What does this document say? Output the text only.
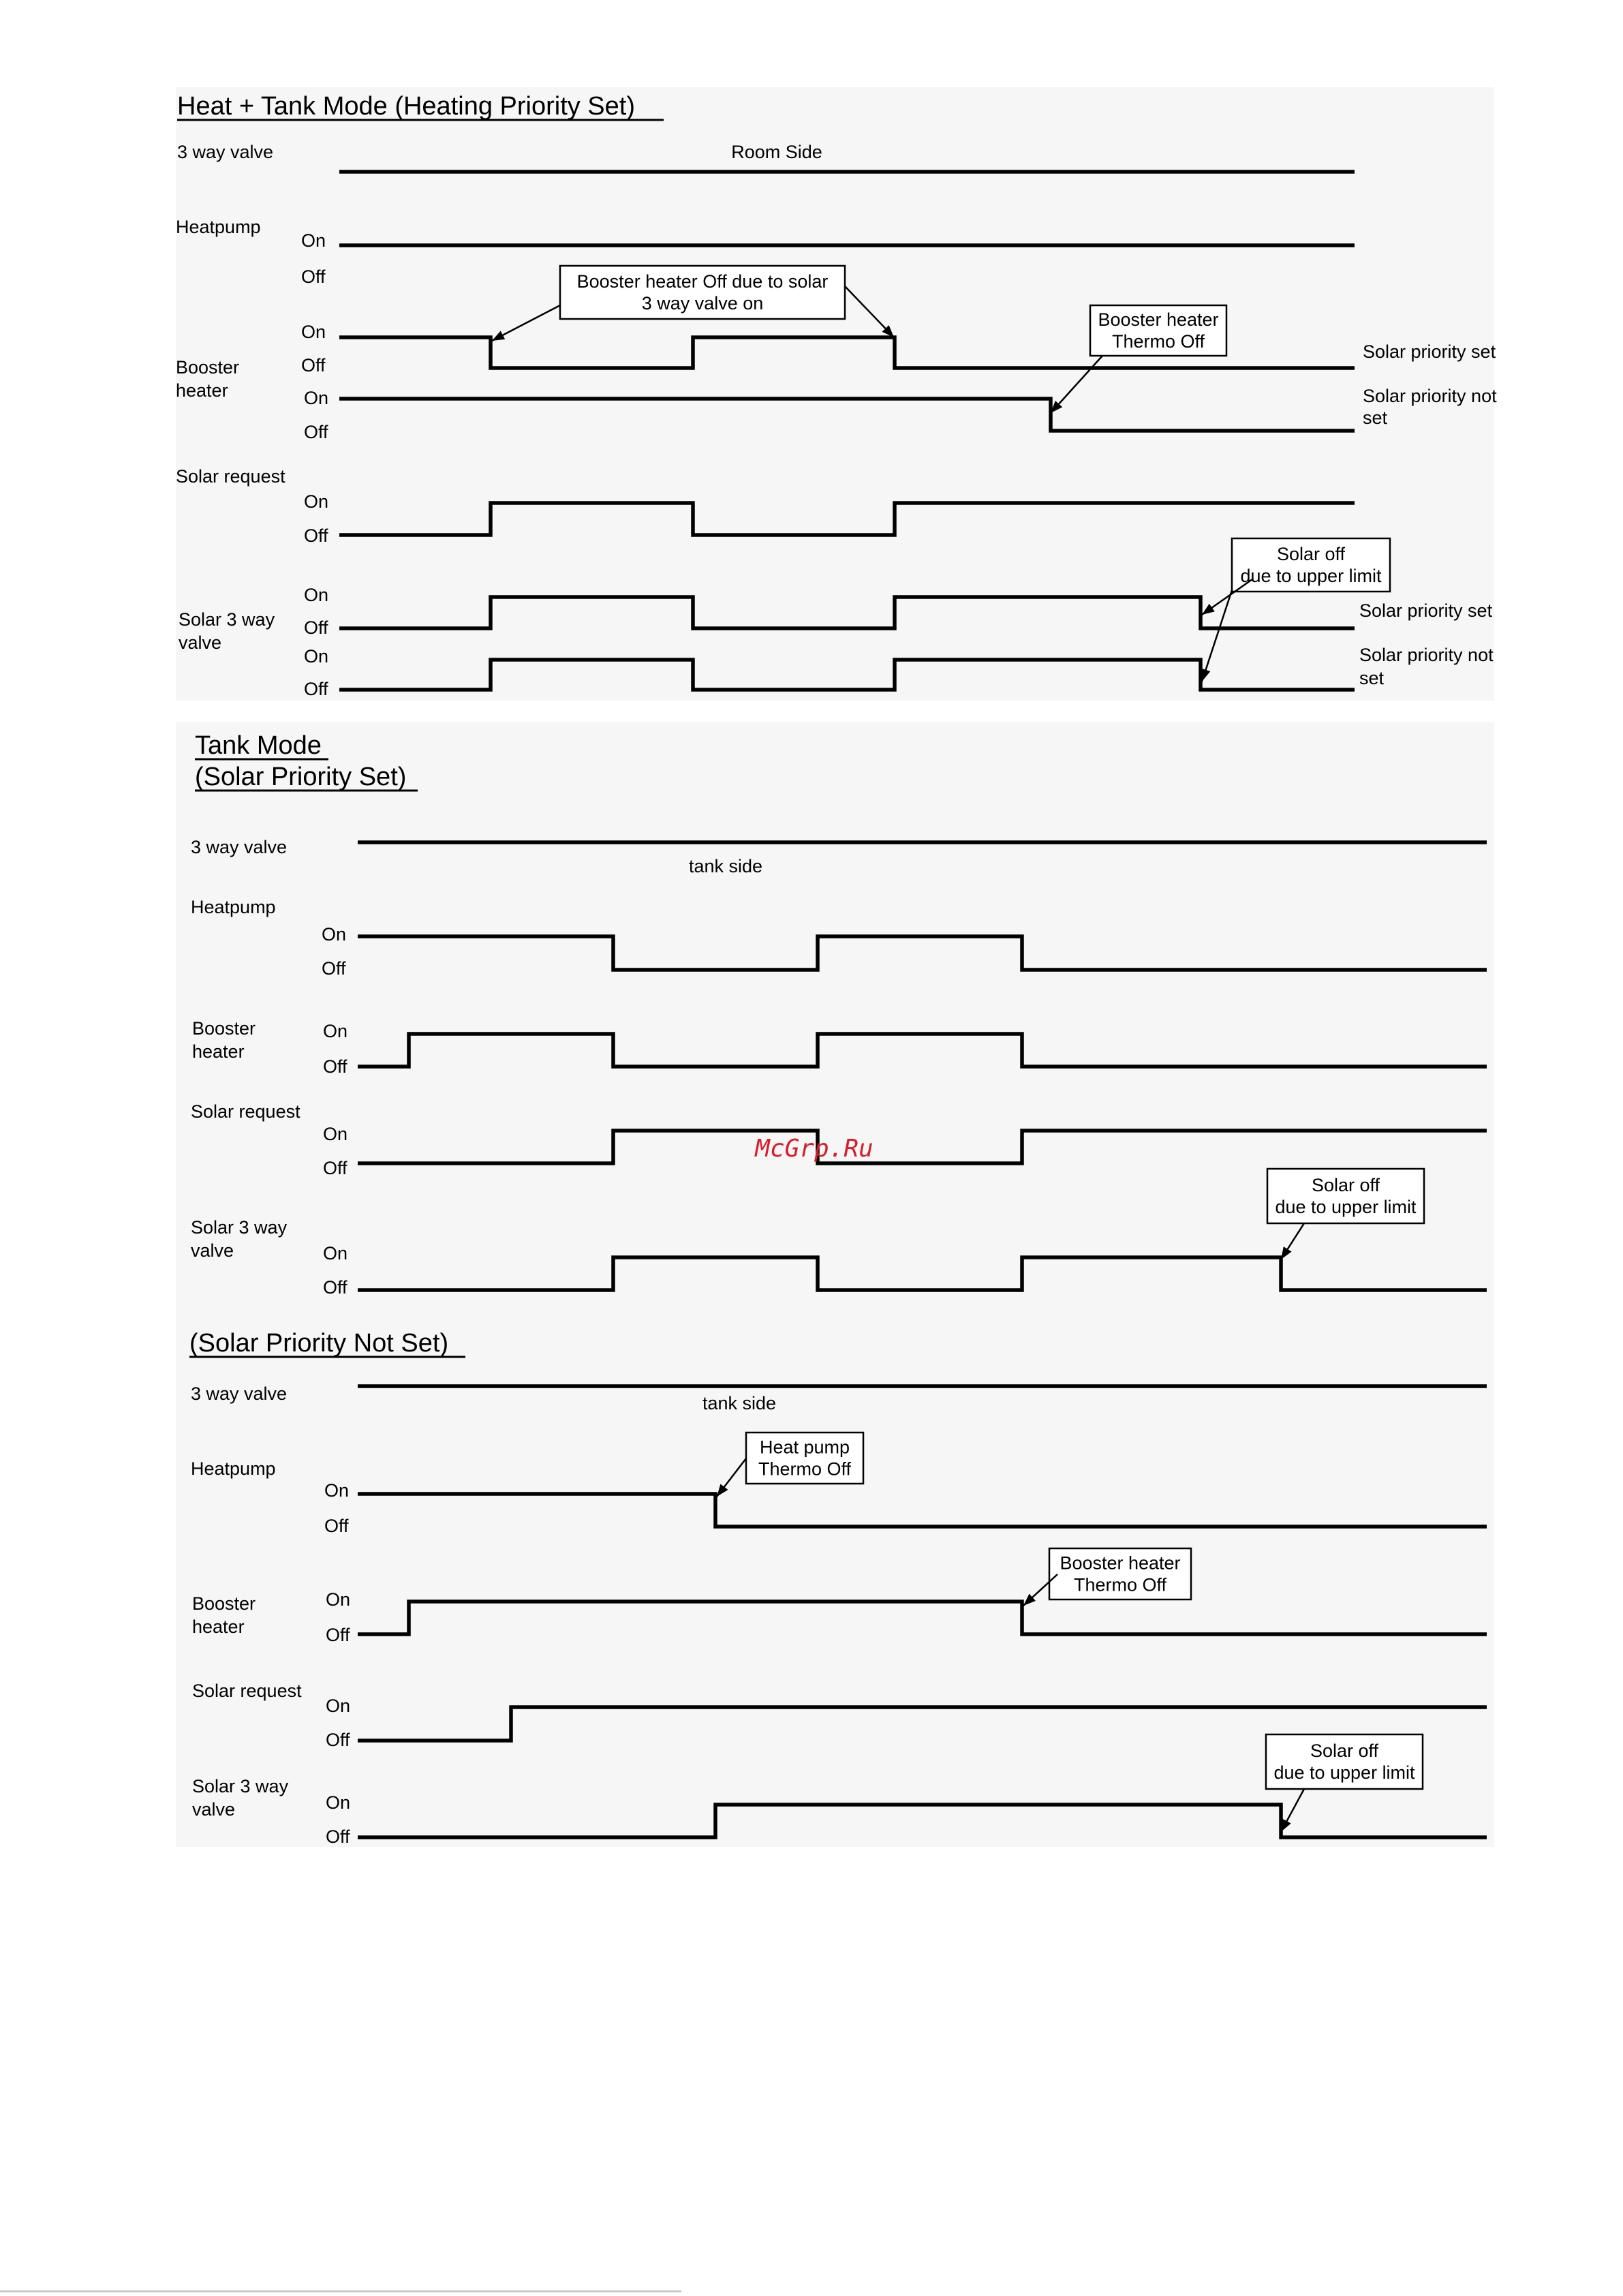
Heat + Tank Mode (Heating Priority Set)
3 way valve	Room Side
Heatpump
On
Off
Booster
heater
On
Off
Solar priority set
On
Off
Solar priority not
set
Solar request
On
Off
Solar 3 way
valve
On
Off
Solar priority set
On
Off
Solar priority not
set
Tank Mode
(Solar Priority Set)
3 way valve
tank side
Heatpump
On
Off
Booster
heater
On
Off
Solar request
On
Off
Solar 3 way
valve	On
Off
McGrp.Ru
(Solar Priority Not Set)
3 way valve	tank side
Heatpump
On
Off
Booster
heater
On
Off
Solar request
On
Off
Solar 3 way
valve	On
Off
Booster heater Off due to solar
3 way valve on
Booster heater
Thermo Off
Solar off
due to upper limit
Solar off
due to upper limit
Heat pump
Thermo Off
Booster heater
Thermo Off
Solar off
due to upper limit
